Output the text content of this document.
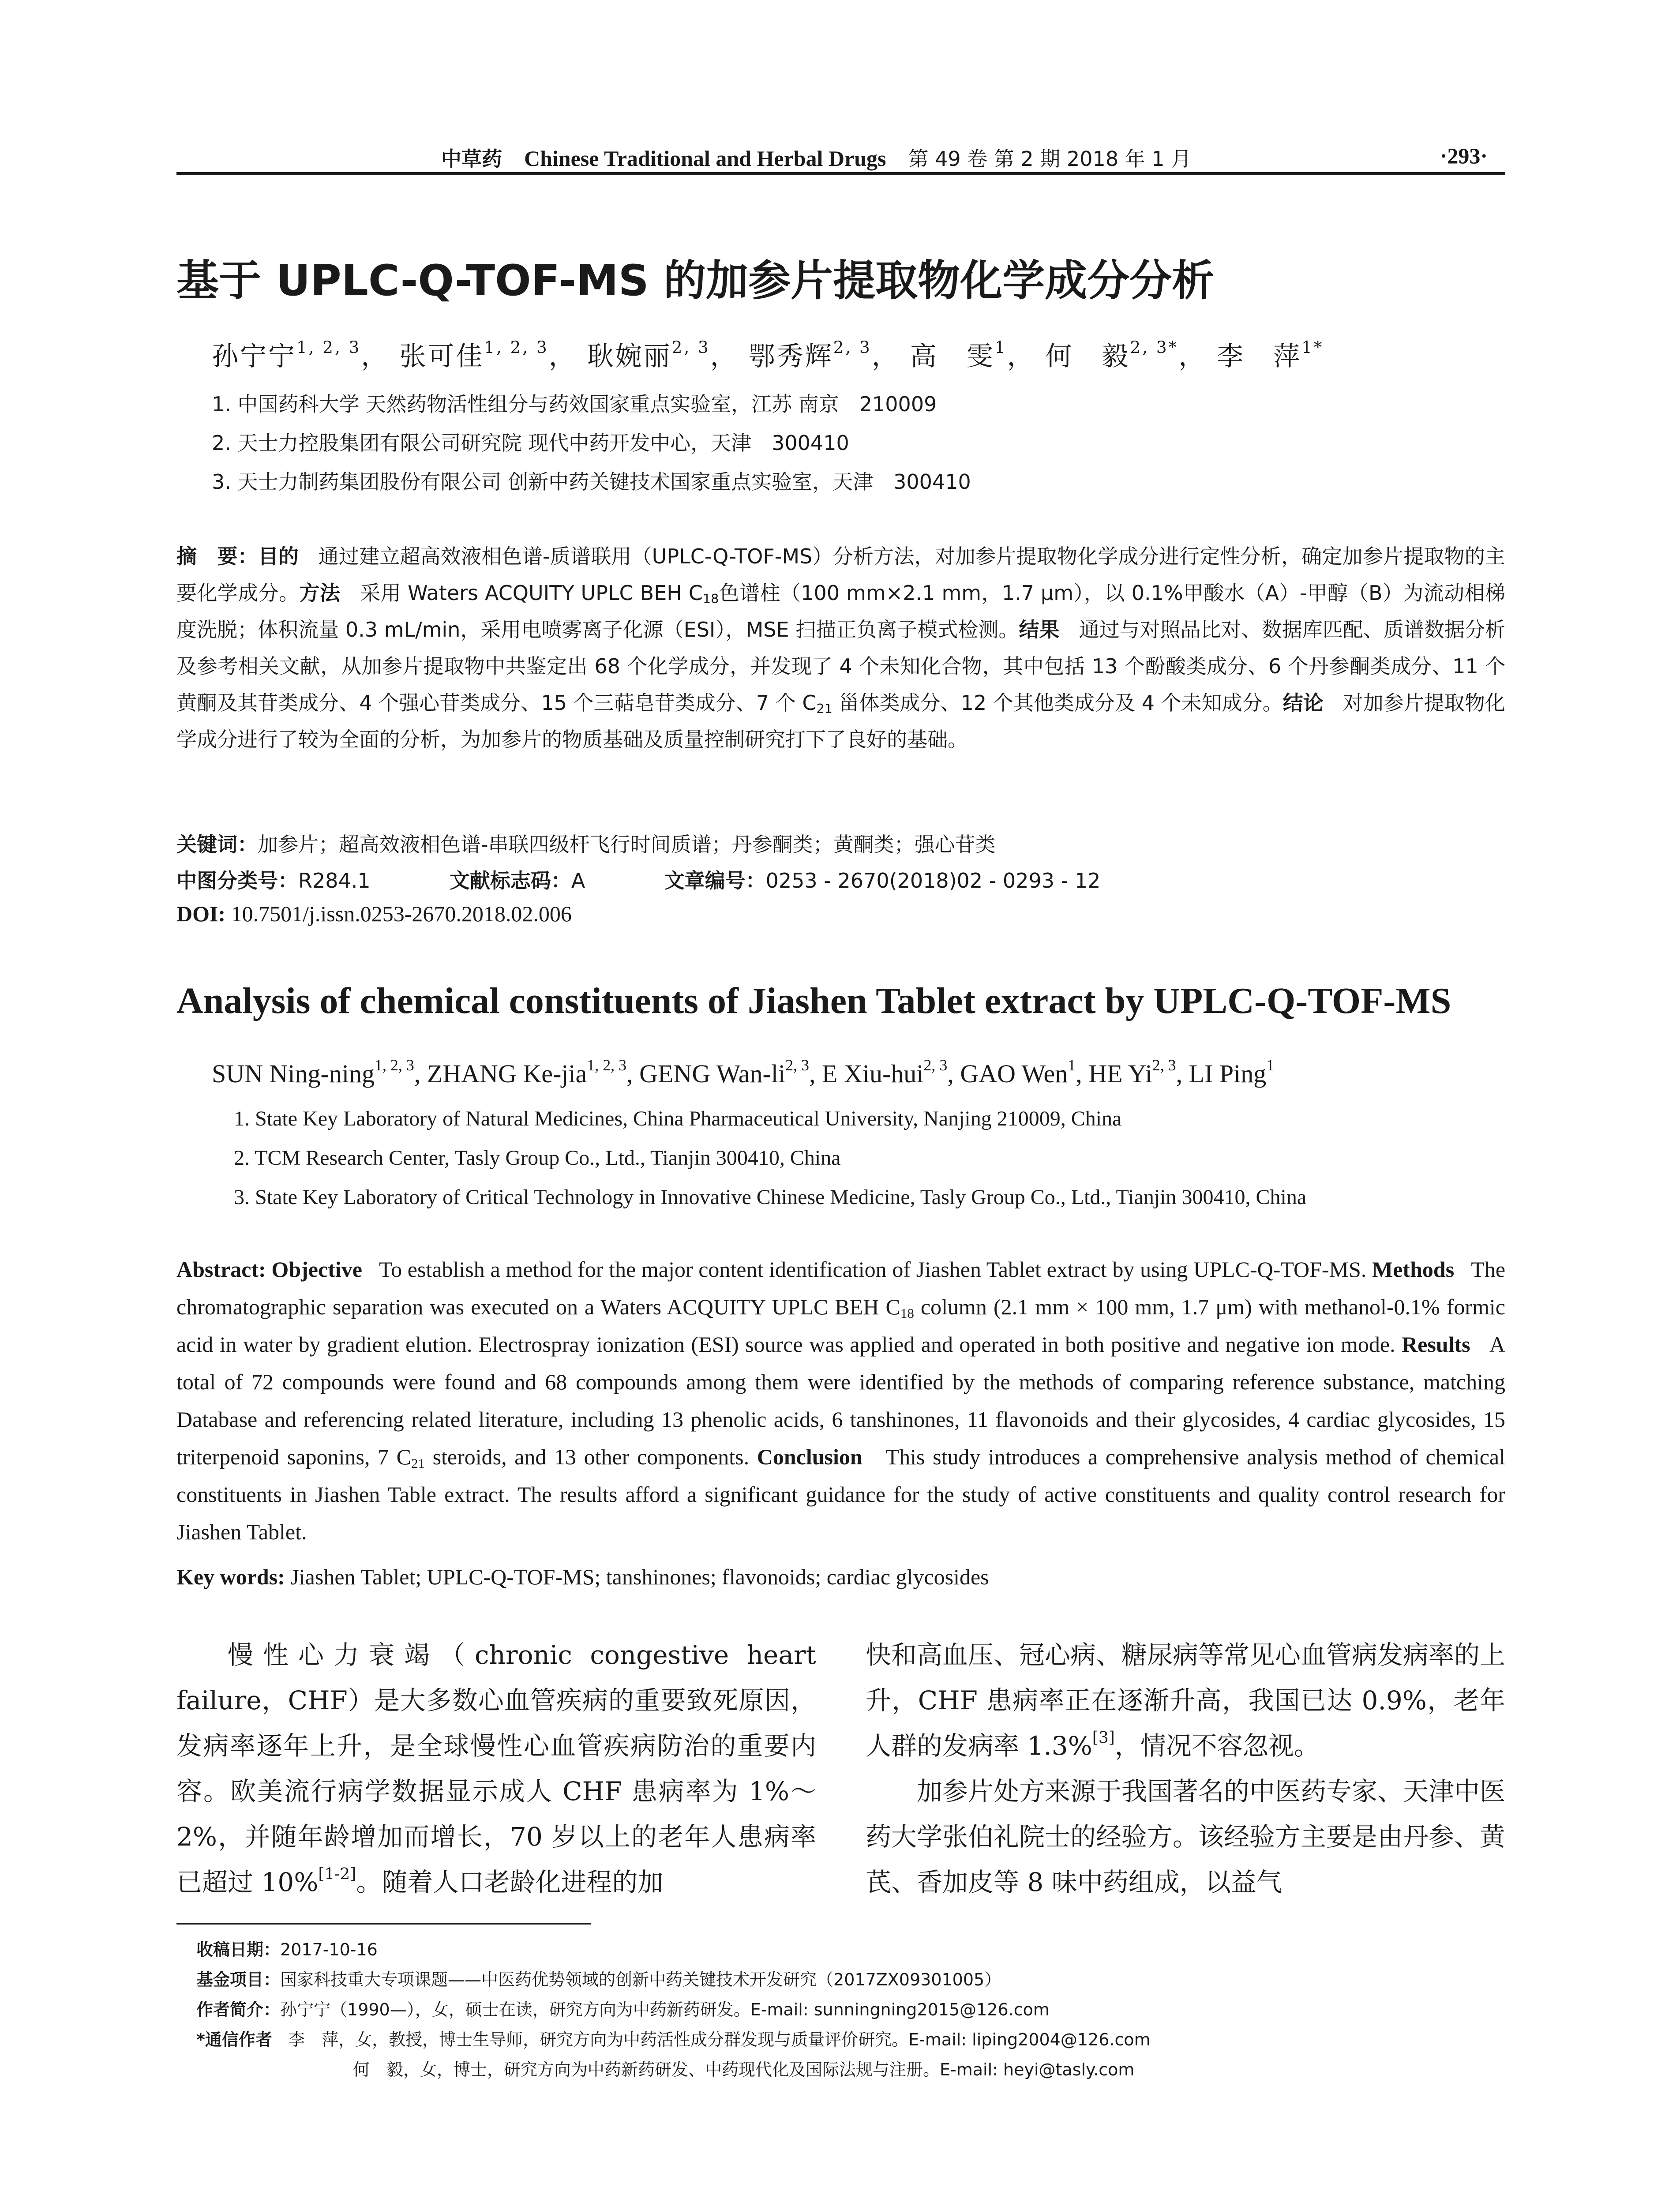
中草药 Chinese Traditional and Herbal Drugs 第 49 卷 第 2 期 2018 年 1 月	·293·
基于 UPLC-Q-TOF-MS 的加参片提取物化学成分分析
孙宁宁$^{1, 2, 3}$， 张可佳$^{1, 2, 3}$， 耿婉丽$^{2, 3}$， 鄂秀辉$^{2, 3}$， 高　雯$^1$， 何　毅$^{2, 3*}$， 李　萍$^{1*}$
1. 中国药科大学 天然药物活性组分与药效国家重点实验室，江苏 南京　210009
2. 天士力控股集团有限公司研究院 现代中药开发中心，天津　300410
3. 天士力制药集团股份有限公司 创新中药关键技术国家重点实验室，天津　300410
摘　要：目的 通过建立超高效液相色谱-质谱联用（UPLC-Q-TOF-MS）分析方法，对加参片提取物化学成分进行定性分析，确定加参片提取物的主要化学成分。方法 采用 Waters ACQUITY UPLC BEH $C_{18}$色谱柱（100 mm×2.1 mm，1.7 μm），以 0.1%甲酸水（A）-甲醇（B）为流动相梯度洗脱；体积流量 0.3 mL/min，采用电喷雾离子化源（ESI），MSE 扫描正负离子模式检测。结果 通过与对照品比对、数据库匹配、质谱数据分析及参考相关文献，从加参片提取物中共鉴定出 68 个化学成分，并发现了 4 个未知化合物，其中包括 13 个酚酸类成分、6 个丹参酮类成分、11 个黄酮及其苷类成分、4 个强心苷类成分、15 个三萜皂苷类成分、7 个 $C_{21}$ 甾体类成分、12 个其他类成分及 4 个未知成分。结论 对加参片提取物化学成分进行了较为全面的分析，为加参片的物质基础及质量控制研究打下了良好的基础。
关键词：加参片；超高效液相色谱-串联四级杆飞行时间质谱；丹参酮类；黄酮类；强心苷类
中图分类号：R284.1	文献标志码：A	文章编号：0253 - 2670(2018)02 - 0293 - 12
DOI: 10.7501/j.issn.0253-2670.2018.02.006
Analysis of chemical constituents of Jiashen Tablet extract by UPLC-Q-TOF-MS
SUN Ning-ning$^{1, 2, 3}$, ZHANG Ke-jia$^{1, 2, 3}$, GENG Wan-li$^{2, 3}$, E Xiu-hui$^{2, 3}$, GAO Wen$^1$, HE Yi$^{2, 3}$, LI Ping$^1$
1. State Key Laboratory of Natural Medicines, China Pharmaceutical University, Nanjing 210009, China
2. TCM Research Center, Tasly Group Co., Ltd., Tianjin 300410, China
3. State Key Laboratory of Critical Technology in Innovative Chinese Medicine, Tasly Group Co., Ltd., Tianjin 300410, China
Abstract: Objective To establish a method for the major content identification of Jiashen Tablet extract by using UPLC-Q-TOF-MS. Methods The chromatographic separation was executed on a Waters ACQUITY UPLC BEH $C_{18}$ column (2.1 mm × 100 mm, 1.7 μm) with methanol-0.1% formic acid in water by gradient elution. Electrospray ionization (ESI) source was applied and operated in both positive and negative ion mode. Results A total of 72 compounds were found and 68 compounds among them were identified by the methods of comparing reference substance, matching Database and referencing related literature, including 13 phenolic acids, 6 tanshinones, 11 flavonoids and their glycosides, 4 cardiac glycosides, 15 triterpenoid saponins, 7 $C_{21}$ steroids, and 13 other components. Conclusion This study introduces a comprehensive analysis method of chemical constituents in Jiashen Table extract. The results afford a significant guidance for the study of active constituents and quality control research for Jiashen Tablet.
Key words: Jiashen Tablet; UPLC-Q-TOF-MS; tanshinones; flavonoids; cardiac glycosides

慢性心力衰竭（chronic congestive heart failure，CHF）是大多数心血管疾病的重要致死原因，发病率逐年上升，是全球慢性心血管疾病防治的重要内容。欧美流行病学数据显示成人 CHF 患病率为 1%～2%，并随年龄增加而增长，70 岁以上的老年人患病率已超过 10%[1-2]。随着人口老龄化进程的加

快和高血压、冠心病、糖尿病等常见心血管病发病率的上升，CHF 患病率正在逐渐升高，我国已达 0.9%，老年人群的发病率 1.3%[3]，情况不容忽视。

加参片处方来源于我国著名的中医药专家、天津中医药大学张伯礼院士的经验方。该经验方主要是由丹参、黄芪、香加皮等 8 味中药组成，以益气

收稿日期：2017-10-16
基金项目：国家科技重大专项课题——中医药优势领域的创新中药关键技术开发研究（2017ZX09301005）
作者简介：孙宁宁（1990—），女，硕士在读，研究方向为中药新药研发。E-mail: sunningning2015@126.com
*通信作者 李　萍，女，教授，博士生导师，研究方向为中药活性成分群发现与质量评价研究。E-mail: liping2004@126.com
何　毅，女，博士，研究方向为中药新药研发、中药现代化及国际法规与注册。E-mail: heyi@tasly.com
